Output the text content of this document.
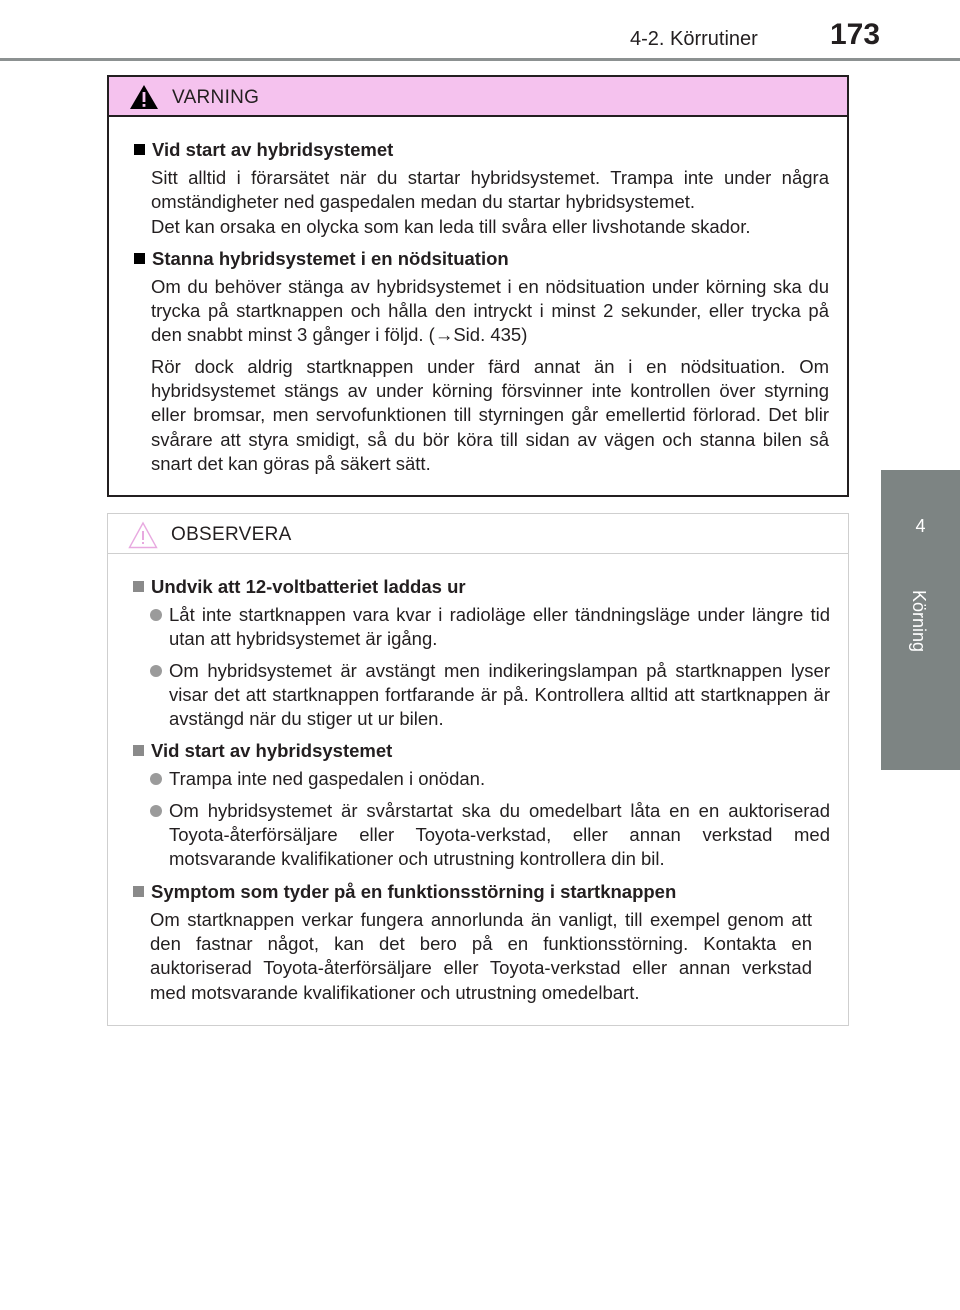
4-2. Körrutiner 173
4
Körning
VARNING
Vid start av hybridsystemet

Sitt alltid i förarsätet när du startar hybridsystemet. Trampa inte under några omständigheter ned gaspedalen medan du startar hybridsystemet.

Det kan orsaka en olycka som kan leda till svåra eller livshotande skador.

Stanna hybridsystemet i en nödsituation

Om du behöver stänga av hybridsystemet i en nödsituation under körning ska du trycka på startknappen och hålla den intryckt i minst 2 sekunder, eller trycka på den snabbt minst 3 gånger i följd. (→Sid. 435)

Rör dock aldrig startknappen under färd annat än i en nödsituation. Om hybridsystemet stängs av under körning försvinner inte kontrollen över styrning eller bromsar, men servofunktionen till styrningen går emellertid förlorad. Det blir svårare att styra smidigt, så du bör köra till sidan av vägen och stanna bilen så snart det kan göras på säkert sätt.

OBSERVERA
Undvik att 12-voltbatteriet laddas ur
Låt inte startknappen vara kvar i radioläge eller tändningsläge under längre tid utan att hybridsystemet är igång.
Om hybridsystemet är avstängt men indikeringslampan på startknappen lyser visar det att startknappen fortfarande är på. Kontrollera alltid att startknappen är avstängd när du stiger ut ur bilen.
Vid start av hybridsystemet
Trampa inte ned gaspedalen i onödan.
Om hybridsystemet är svårstartat ska du omedelbart låta en en auktoriserad Toyota-återförsäljare eller Toyota-verkstad, eller annan verkstad med motsvarande kvalifikationer och utrustning kontrollera din bil.
Symptom som tyder på en funktionsstörning i startknappen

Om startknappen verkar fungera annorlunda än vanligt, till exempel genom att den fastnar något, kan det bero på en funktionsstörning. Kontakta en auktoriserad Toyota-återförsäljare eller Toyota-verkstad eller annan verkstad med motsvarande kvalifikationer och utrustning omedelbart.
